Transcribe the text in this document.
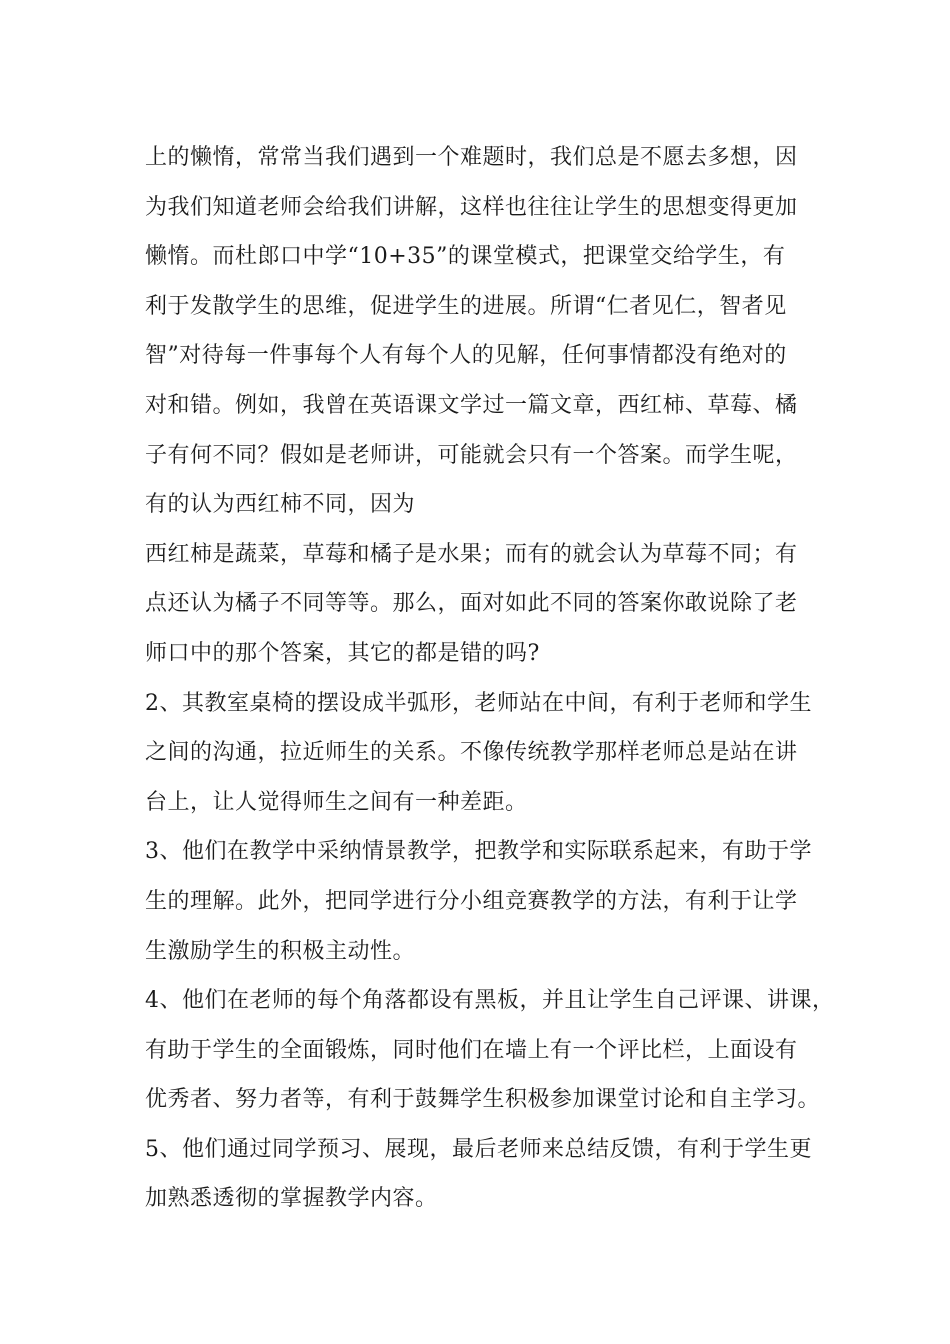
上的懒惰，常常当我们遇到一个难题时，我们总是不愿去多想，因
为我们知道老师会给我们讲解，这样也往往让学生的思想变得更加
懒惰。而杜郎口中学“10+35”的课堂模式，把课堂交给学生，有
利于发散学生的思维，促进学生的进展。所谓“仁者见仁，智者见
智”对待每一件事每个人有每个人的见解，任何事情都没有绝对的
对和错。例如，我曾在英语课文学过一篇文章，西红柿、草莓、橘
子有何不同？假如是老师讲，可能就会只有一个答案。而学生呢，
有的认为西红柿不同，因为
西红柿是蔬菜，草莓和橘子是水果；而有的就会认为草莓不同；有
点还认为橘子不同等等。那么，面对如此不同的答案你敢说除了老
师口中的那个答案，其它的都是错的吗?
2、其教室桌椅的摆设成半弧形，老师站在中间，有利于老师和学生
之间的沟通，拉近师生的关系。不像传统教学那样老师总是站在讲
台上，让人觉得师生之间有一种差距。
3、他们在教学中采纳情景教学，把教学和实际联系起来，有助于学
生的理解。此外，把同学进行分小组竞赛教学的方法，有利于让学
生激励学生的积极主动性。
4、他们在老师的每个角落都设有黑板，并且让学生自己评课、讲课，
有助于学生的全面锻炼，同时他们在墙上有一个评比栏，上面设有
优秀者、努力者等，有利于鼓舞学生积极参加课堂讨论和自主学习。
5、他们通过同学预习、展现，最后老师来总结反馈，有利于学生更
加熟悉透彻的掌握教学内容。
